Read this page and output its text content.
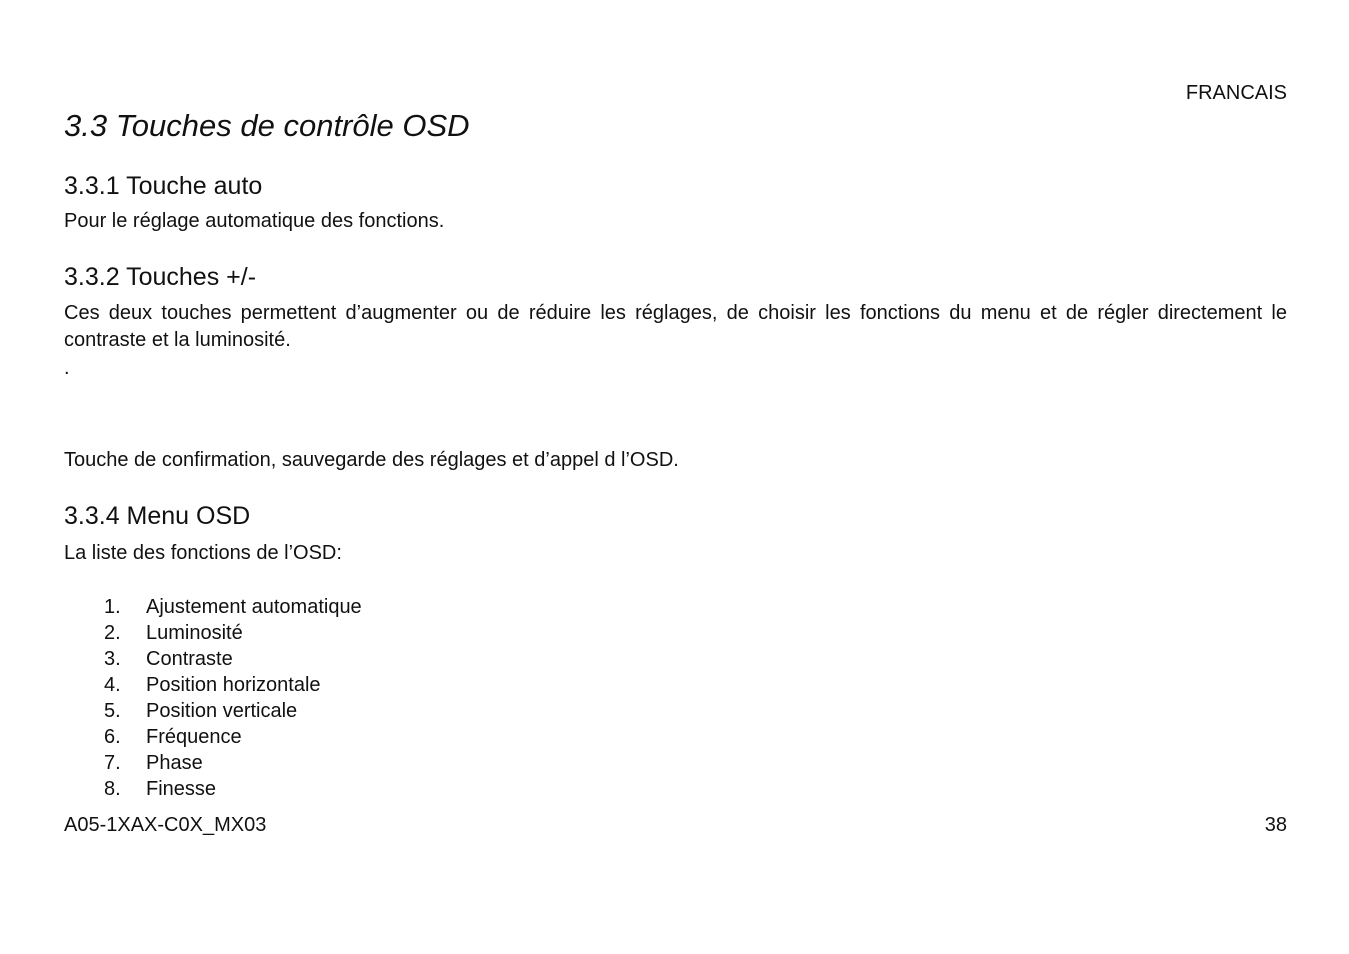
FRANCAIS
3.3 Touches de contrôle OSD
3.3.1 Touche auto

Pour le réglage automatique des fonctions.

3.3.2 Touches +/-

Ces deux touches permettent d’augmenter ou de réduire les réglages, de choisir les fonctions du menu et de régler directement le contraste et la luminosité.

.

Touche de confirmation, sauvegarde des réglages et d’appel d l’OSD.

3.3.4 Menu OSD

La liste des fonctions de l’OSD:

1.	Ajustement automatique
2.	Luminosité
3.	Contraste
4.	Position horizontale
5.	Position verticale
6.	Fréquence
7.	Phase
8.	Finesse
A05-1XAX-C0X_MX03	38
